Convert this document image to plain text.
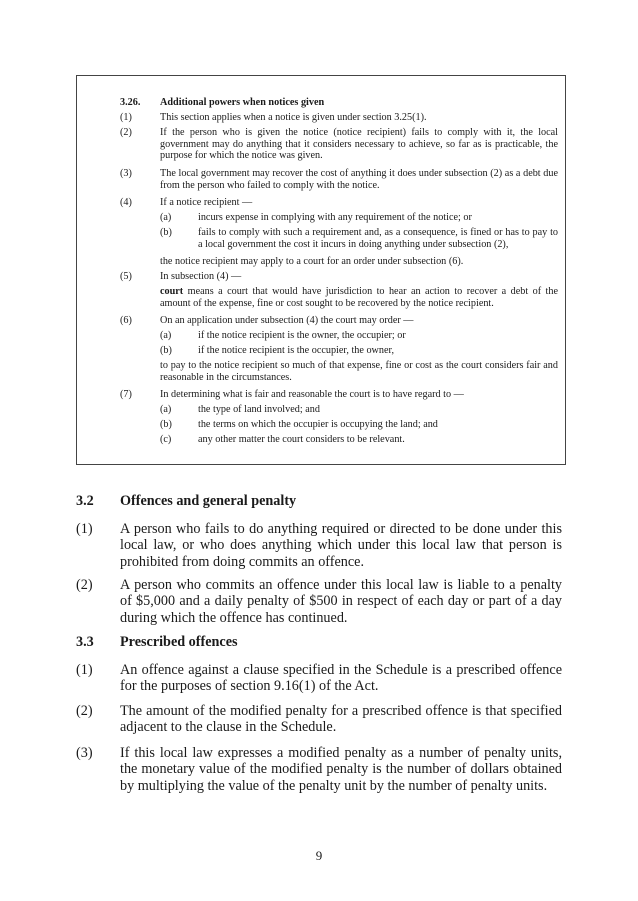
3.26. Additional powers when notices given
(1)	This section applies when a notice is given under section 3.25(1).
(2)	If the person who is given the notice (notice recipient) fails to comply with it, the local government may do anything that it considers necessary to achieve, so far as is practicable, the purpose for which the notice was given.
(3)	The local government may recover the cost of anything it does under subsection (2) as a debt due from the person who failed to comply with the notice.
(4)	If a notice recipient —
(a)	incurs expense in complying with any requirement of the notice; or
(b)	fails to comply with such a requirement and, as a consequence, is fined or has to pay to a local government the cost it incurs in doing anything under subsection (2),
the notice recipient may apply to a court for an order under subsection (6).
(5)	In subsection (4) —
court means a court that would have jurisdiction to hear an action to recover a debt of the amount of the expense, fine or cost sought to be recovered by the notice recipient.
(6)	On an application under subsection (4) the court may order —
(a)	if the notice recipient is the owner, the occupier; or
(b)	if the notice recipient is the occupier, the owner,
to pay to the notice recipient so much of that expense, fine or cost as the court considers fair and reasonable in the circumstances.
(7)	In determining what is fair and reasonable the court is to have regard to —
(a)	the type of land involved; and
(b)	the terms on which the occupier is occupying the land; and
(c)	any other matter the court considers to be relevant.
3.2 Offences and general penalty
(1) A person who fails to do anything required or directed to be done under this local law, or who does anything which under this local law that person is prohibited from doing commits an offence.
(2) A person who commits an offence under this local law is liable to a penalty of $5,000 and a daily penalty of $500 in respect of each day or part of a day during which the offence has continued.
3.3 Prescribed offences
(1) An offence against a clause specified in the Schedule is a prescribed offence for the purposes of section 9.16(1) of the Act.
(2) The amount of the modified penalty for a prescribed offence is that specified adjacent to the clause in the Schedule.
(3) If this local law expresses a modified penalty as a number of penalty units, the monetary value of the modified penalty is the number of dollars obtained by multiplying the value of the penalty unit by the number of penalty units.
9
